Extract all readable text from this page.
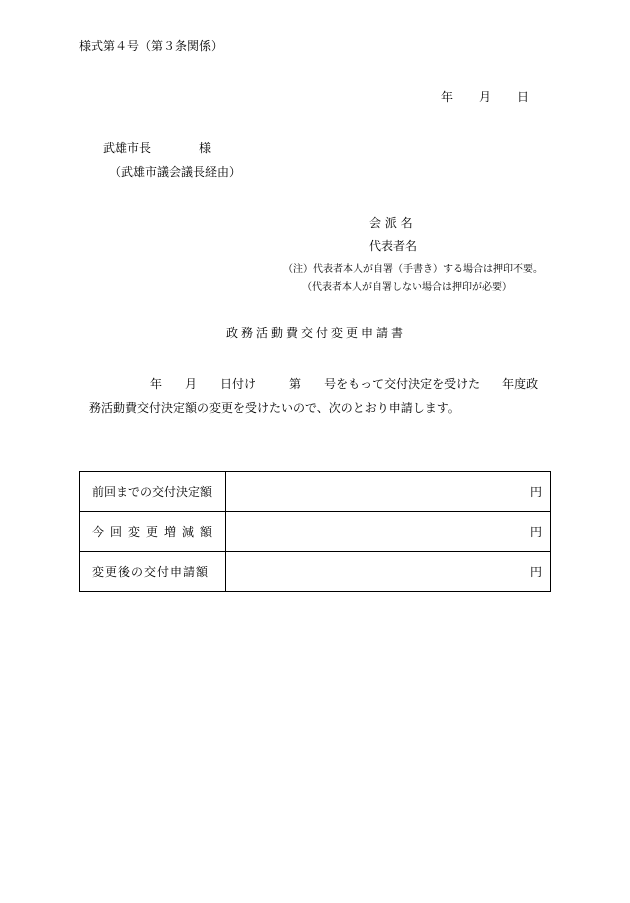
様式第４号（第３条関係）
年 月 日
武雄市長	様
（武雄市議会議長経由）
会 派 名
代表者名
（注）代表者本人が自署（手書き）する場合は押印不要。
（代表者本人が自署しない場合は押印が必要）
政務活動費交付変更申請書
年 月 日付け	第 号をもって交付決定を受けた 年度政
務活動費交付決定額の変更を受けたいので、次のとおり申請します。
前回までの交付決定額	円
今回変更増減額	円
変更後の交付申請額	円
